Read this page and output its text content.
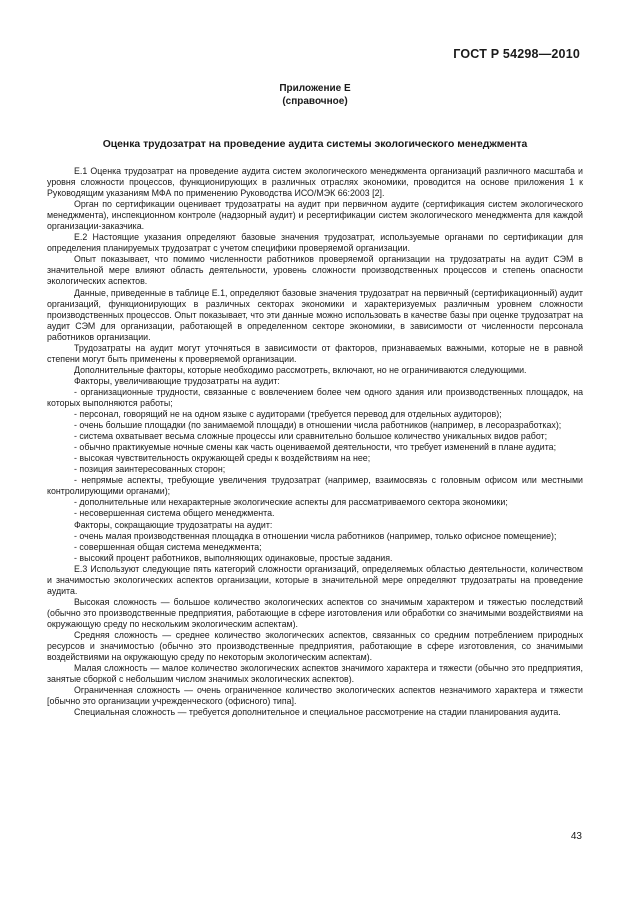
ГОСТ Р 54298—2010
Приложение Е
(справочное)
Оценка трудозатрат на проведение аудита системы экологического менеджмента

Е.1 Оценка трудозатрат на проведение аудита систем экологического менеджмента организаций различного масштаба и уровня сложности процессов, функционирующих в различных отраслях экономики, проводится на основе приложения 1 к Руководящим указаниям МФА по применению Руководства ИСО/МЭК 66:2003 [2].

Орган по сертификации оценивает трудозатраты на аудит при первичном аудите (сертификация систем экологического менеджмента), инспекционном контроле (надзорный аудит) и ресертификации систем экологического менеджмента для каждой организации-заказчика.

Е.2 Настоящие указания определяют базовые значения трудозатрат, используемые органами по сертификации для определения планируемых трудозатрат с учетом специфики проверяемой организации.

Опыт показывает, что помимо численности работников проверяемой организации на трудозатраты на аудит СЭМ в значительной мере влияют область деятельности, уровень сложности производственных процессов и степень опасности экологических аспектов.

Данные, приведенные в таблице Е.1, определяют базовые значения трудозатрат на первичный (сертификационный) аудит организаций, функционирующих в различных секторах экономики и характеризуемых различным уровнем сложности производственных процессов. Опыт показывает, что эти данные можно использовать в качестве базы при оценке трудозатрат на аудит СЭМ для организации, работающей в определенном секторе экономики, в зависимости от численности персонала работников организации.

Трудозатраты на аудит могут уточняться в зависимости от факторов, признаваемых важными, которые не в равной степени могут быть применены к проверяемой организации.

Дополнительные факторы, которые необходимо рассмотреть, включают, но не ограничиваются следующими.

Факторы, увеличивающие трудозатраты на аудит:

- организационные трудности, связанные с вовлечением более чем одного здания или производственных площадок, на которых выполняются работы;

- персонал, говорящий не на одном языке с аудиторами (требуется перевод для отдельных аудиторов);

- очень большие площадки (по занимаемой площади) в отношении числа работников (например, в лесоразработках);

- система охватывает весьма сложные процессы или сравнительно большое количество уникальных видов работ;

- обычно практикуемые ночные смены как часть оцениваемой деятельности, что требует изменений в плане аудита;

- высокая чувствительность окружающей среды к воздействиям на нее;

- позиция заинтересованных сторон;

- непрямые аспекты, требующие увеличения трудозатрат (например, взаимосвязь с головным офисом или местными контролирующими органами);

- дополнительные или нехарактерные экологические аспекты для рассматриваемого сектора экономики;

- несовершенная система общего менеджмента.

Факторы, сокращающие трудозатраты на аудит:

- очень малая производственная площадка в отношении числа работников (например, только офисное помещение);

- совершенная общая система менеджмента;

- высокий процент работников, выполняющих одинаковые, простые задания.

Е.3 Используют следующие пять категорий сложности организаций, определяемых областью деятельности, количеством и значимостью экологических аспектов организации, которые в значительной мере определяют трудозатраты на проведение аудита.

Высокая сложность — большое количество экологических аспектов со значимым характером и тяжестью последствий (обычно это производственные предприятия, работающие в сфере изготовления или обработки со значимыми воздействиями на окружающую среду по нескольким экологическим аспектам).

Средняя сложность — среднее количество экологических аспектов, связанных со средним потреблением природных ресурсов и значимостью (обычно это производственные предприятия, работающие в сфере изготовления, со значимыми воздействиями на окружающую среду по некоторым экологическим аспектам).

Малая сложность — малое количество экологических аспектов значимого характера и тяжести (обычно это предприятия, занятые сборкой с небольшим числом значимых экологических аспектов).

Ограниченная сложность — очень ограниченное количество экологических аспектов незначимого характера и тяжести [обычно это организации учрежденческого (офисного) типа].

Специальная сложность — требуется дополнительное и специальное рассмотрение на стадии планирования аудита.

43
